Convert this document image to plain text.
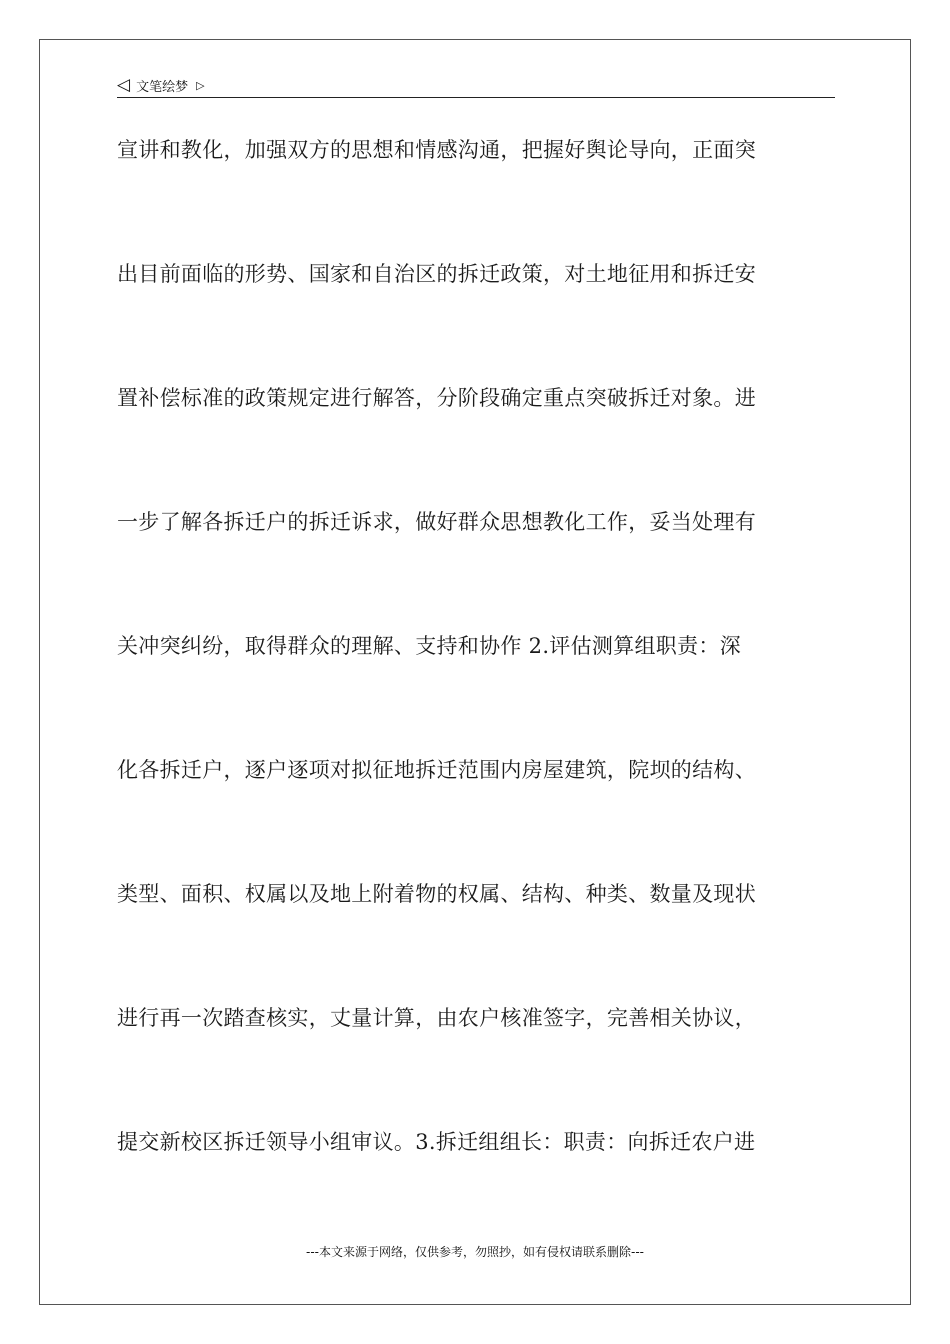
◁ 文笔绘梦 ▷
宣讲和教化，加强双方的思想和情感沟通，把握好舆论导向，正面突
出目前面临的形势、国家和自治区的拆迁政策，对土地征用和拆迁安
置补偿标准的政策规定进行解答，分阶段确定重点突破拆迁对象。进
一步了解各拆迁户的拆迁诉求，做好群众思想教化工作，妥当处理有
关冲突纠纷，取得群众的理解、支持和协作 2.评估测算组职责：深
化各拆迁户，逐户逐项对拟征地拆迁范围内房屋建筑，院坝的结构、
类型、面积、权属以及地上附着物的权属、结构、种类、数量及现状
进行再一次踏查核实，丈量计算，由农户核准签字，完善相关协议，
提交新校区拆迁领导小组审议。3.拆迁组组长：职责：向拆迁农户进
---本文来源于网络，仅供参考，勿照抄，如有侵权请联系删除---
